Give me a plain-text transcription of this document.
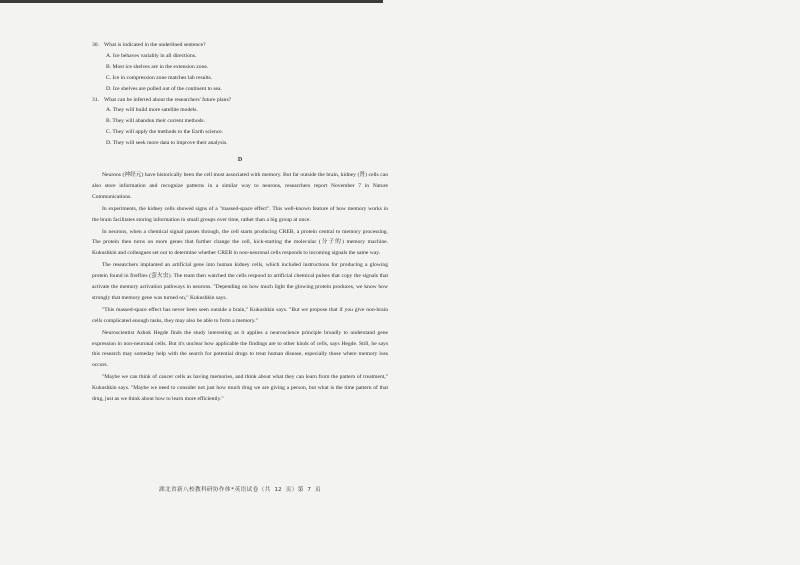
30. What is indicated in the underlined sentence?

A. Ice behaves variably in all directions.

B. Most ice shelves are in the extension zone.

C. Ice in compression zone matches lab results.

D. Ice shelves are pulled out of the continent to sea.

31. What can be inferred about the researchers' future plans?

A. They will build more satellite models.

B. They will abandon their current methods.

C. They will apply the methods to the Earth science.

D. They will seek more data to improve their analysis.

D

Neurons (神经元) have historically been the cell most associated with memory. But far outside the brain, kidney (肾) cells can also store information and recognize patterns in a similar way to neurons, researchers report November 7 in Nature Communications.

In experiments, the kidney cells showed signs of a "massed-space effect". This well-known feature of how memory works in the brain facilitates storing information in small groups over time, rather than a big group at once.

In neurons, when a chemical signal passes through, the cell starts producing CREB, a protein central to memory processing. The protein then turns on more genes that further change the cell, kick-starting the molecular (分子的) memory machine. Kukushkin and colleagues set out to determine whether CREB in non-neuronal cells responds to incoming signals the same way.

The researchers implanted an artificial gene into human kidney cells, which included instructions for producing a glowing protein found in fireflies (萤火虫). The team then watched the cells respond to artificial chemical pulses that copy the signals that activate the memory activation pathways in neurons. "Depending on how much light the glowing protein produces, we know how strongly that memory gene was turned on," Kukushkin says.

"This massed-space effect has never been seen outside a brain," Kukushkin says. "But we propose that if you give non-brain cells complicated enough tasks, they may also be able to form a memory."

Neuroscientist Ashok Hegde finds the study interesting as it applies a neuroscience principle broadly to understand gene expression in non-neuronal cells. But it's unclear how applicable the findings are to other kinds of cells, says Hegde. Still, he says this research may someday help with the search for potential drugs to treat human disease, especially those where memory loss occurs.

"Maybe we can think of cancer cells as having memories, and think about what they can learn from the pattern of treatment," Kukushkin says. "Maybe we need to consider not just how much drug we are giving a person, but what is the time pattern of that drug, just as we think about how to learn more efficiently."

湖北省新八校教科研协作体*英语试卷（共 12 页）第 7 页
